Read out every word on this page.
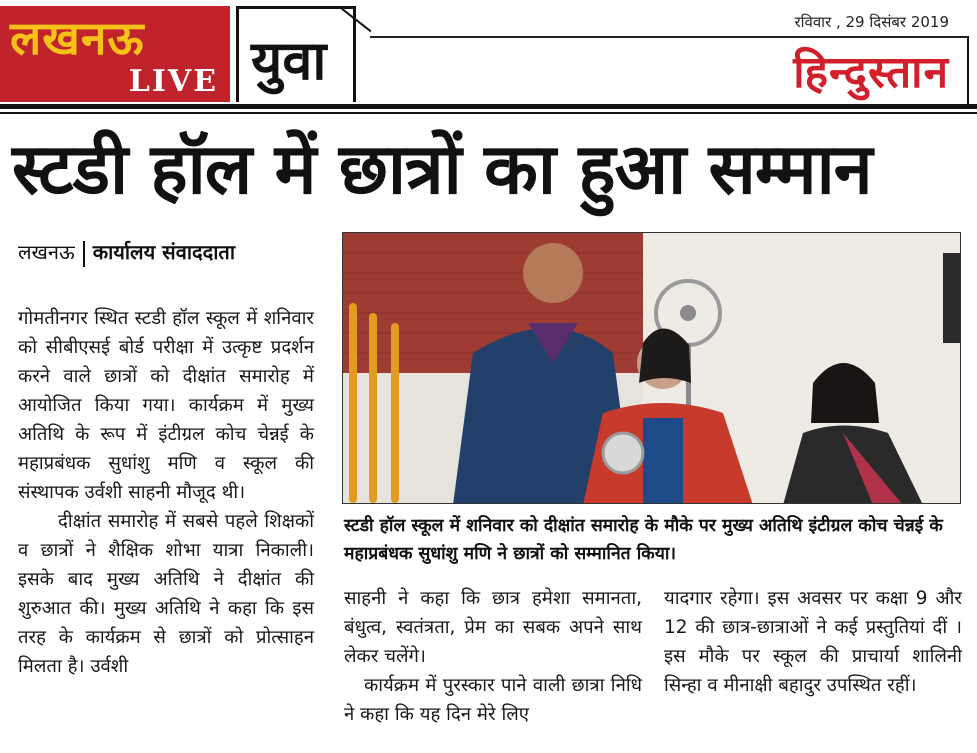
लखनऊ
LIVE युवा
रविवार , 29 दिसंबर 2019
हिन्दुस्तान
स्टडी हॉल में छात्रों का हुआ सम्मान
लखनऊ कार्यालय संवाददाता

गोमतीनगर स्थित स्टडी हॉल स्कूल में शनिवार को सीबीएसई बोर्ड परीक्षा में उत्कृष्ट प्रदर्शन करने वाले छात्रों को दीक्षांत समारोह में आयोजित किया गया। कार्यक्रम में मुख्य अतिथि के रूप में इंटीग्रल कोच चेन्नई के महाप्रबंधक सुधांशु मणि व स्कूल की संस्थापक उर्वशी साहनी मौजूद थी।

दीक्षांत समारोह में सबसे पहले शिक्षकों व छात्रों ने शैक्षिक शोभा यात्रा निकाली। इसके बाद मुख्य अतिथि ने दीक्षांत की शुरुआत की। मुख्य अतिथि ने कहा कि इस तरह के कार्यक्रम से छात्रों को प्रोत्साहन मिलता है। उर्वशी

स्टडी हॉल स्कूल में शनिवार को दीक्षांत समारोह के मौके पर मुख्य अतिथि इंटीग्रल कोच चेन्नई के महाप्रबंधक सुधांशु मणि ने छात्रों को सम्मानित किया।

साहनी ने कहा कि छात्र हमेशा समानता, बंधुत्व, स्वतंत्रता, प्रेम का सबक अपने साथ लेकर चलेंगे।

कार्यक्रम में पुरस्कार पाने वाली छात्रा निधि ने कहा कि यह दिन मेरे लिए

यादगार रहेगा। इस अवसर पर कक्षा 9 और 12 की छात्र-छात्राओं ने कई प्रस्तुतियां दीं । इस मौके पर स्कूल की प्राचार्या शालिनी सिन्हा व मीनाक्षी बहादुर उपस्थित रहीं।
